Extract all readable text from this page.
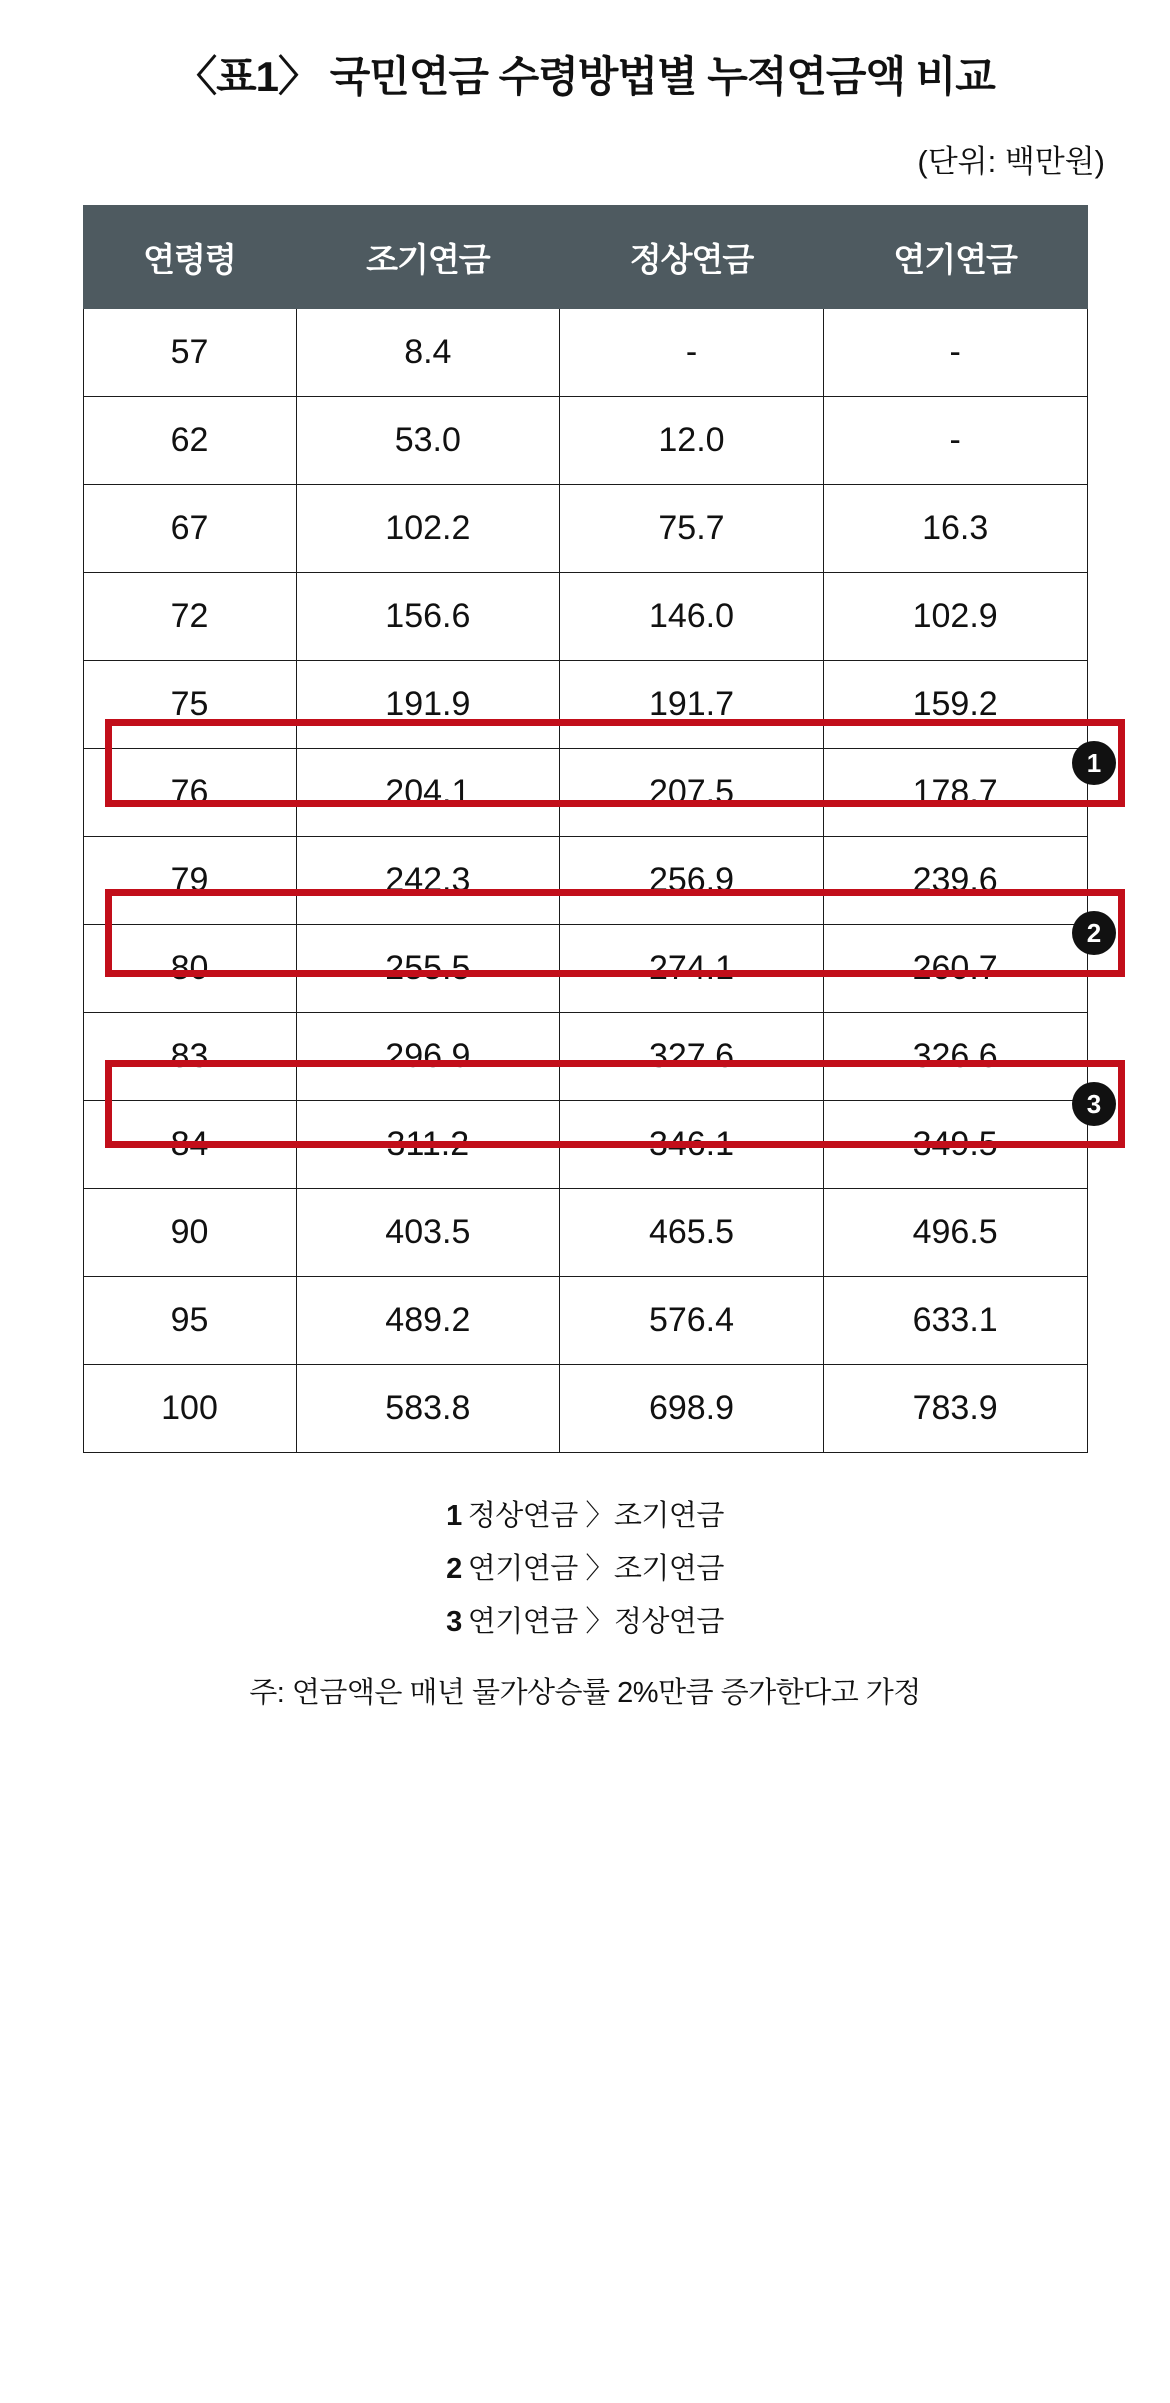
〈표1〉 국민연금 수령방법별 누적연금액 비교
(단위: 백만원)
연령령	조기연금	정상연금	연기연금
57	8.4	-	-
62	53.0	12.0	-
67	102.2	75.7	16.3
72	156.6	146.0	102.9
75	191.9	191.7	159.2
76	204.1	207.5	178.7
79	242.3	256.9	239.6
80	255.5	274.1	260.7
83	296.9	327.6	326.6
84	311.2	346.1	349.5
90	403.5	465.5	496.5
95	489.2	576.4	633.1
100	583.8	698.9	783.9
1
2
3
1 정상연금 〉조기연금
2 연기연금 〉조기연금
3 연기연금 〉정상연금
주: 연금액은 매년 물가상승률 2%만큼 증가한다고 가정
